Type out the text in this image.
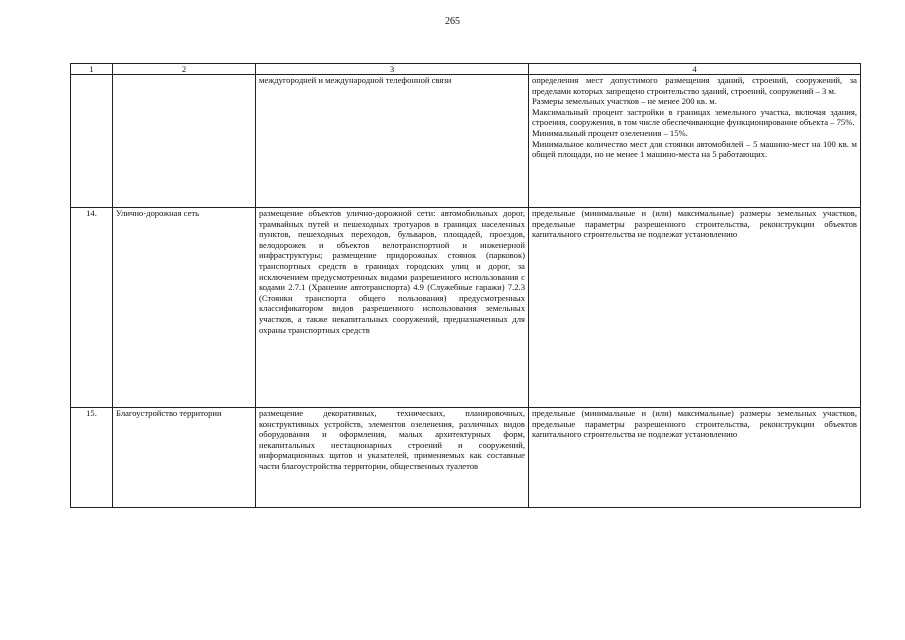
265
1	2	3	4
		междугородней и международной телефонной связи	определения мест допустимого размещения зданий, строений, сооружений, за пределами которых запрещено строительство зданий, строений, сооружений – 3 м.
Размеры земельных участков – не менее 200 кв. м.
Максимальный процент застройки в границах земельного участка, включая здания, строения, сооружения, в том числе обеспечивающие функционирование объекта – 75%.
Минимальный процент озеленения – 15%.
Минимальное количество мест для стоянки автомобилей – 5 машино-мест на 100 кв. м общей площади, но не менее 1 машино-места на 5 работающих.

14.	Улично-дорожная сеть	размещение объектов улично-дорожной сети: автомобильных дорог, трамвайных путей и пешеходных тротуаров в границах населенных пунктов, пешеходных переходов, бульваров, площадей, проездов, велодорожек и объектов велотранспортной и инженерной инфраструктуры; размещение придорожных стоянок (парковок) транспортных средств в границах городских улиц и дорог, за исключением предусмотренных видами разрешенного использования с кодами 2.7.1 (Хранение автотранспорта) 4.9 (Служебные гаражи) 7.2.3 (Стоянки транспорта общего пользования) предусмотренных классификатором видов разрешенного использования земельных участков, а также некапитальных сооружений, предназначенных для охраны транспортных средств	предельные (минимальные и (или) максимальные) размеры земельных участков, предельные параметры разрешенного строительства, реконструкции объектов капитального строительства не подлежат установлению

15.	Благоустройство территории	размещение декоративных, технических, планировочных, конструктивных устройств, элементов озеленения, различных видов оборудования и оформления, малых архитектурных форм, некапитальных нестационарных строений и сооружений, информационных щитов и указателей, применяемых как составные части благоустройства территории, общественных туалетов	предельные (минимальные и (или) максимальные) размеры земельных участков, предельные параметры разрешенного строительства, реконструкции объектов капитального строительства не подлежат установлению
